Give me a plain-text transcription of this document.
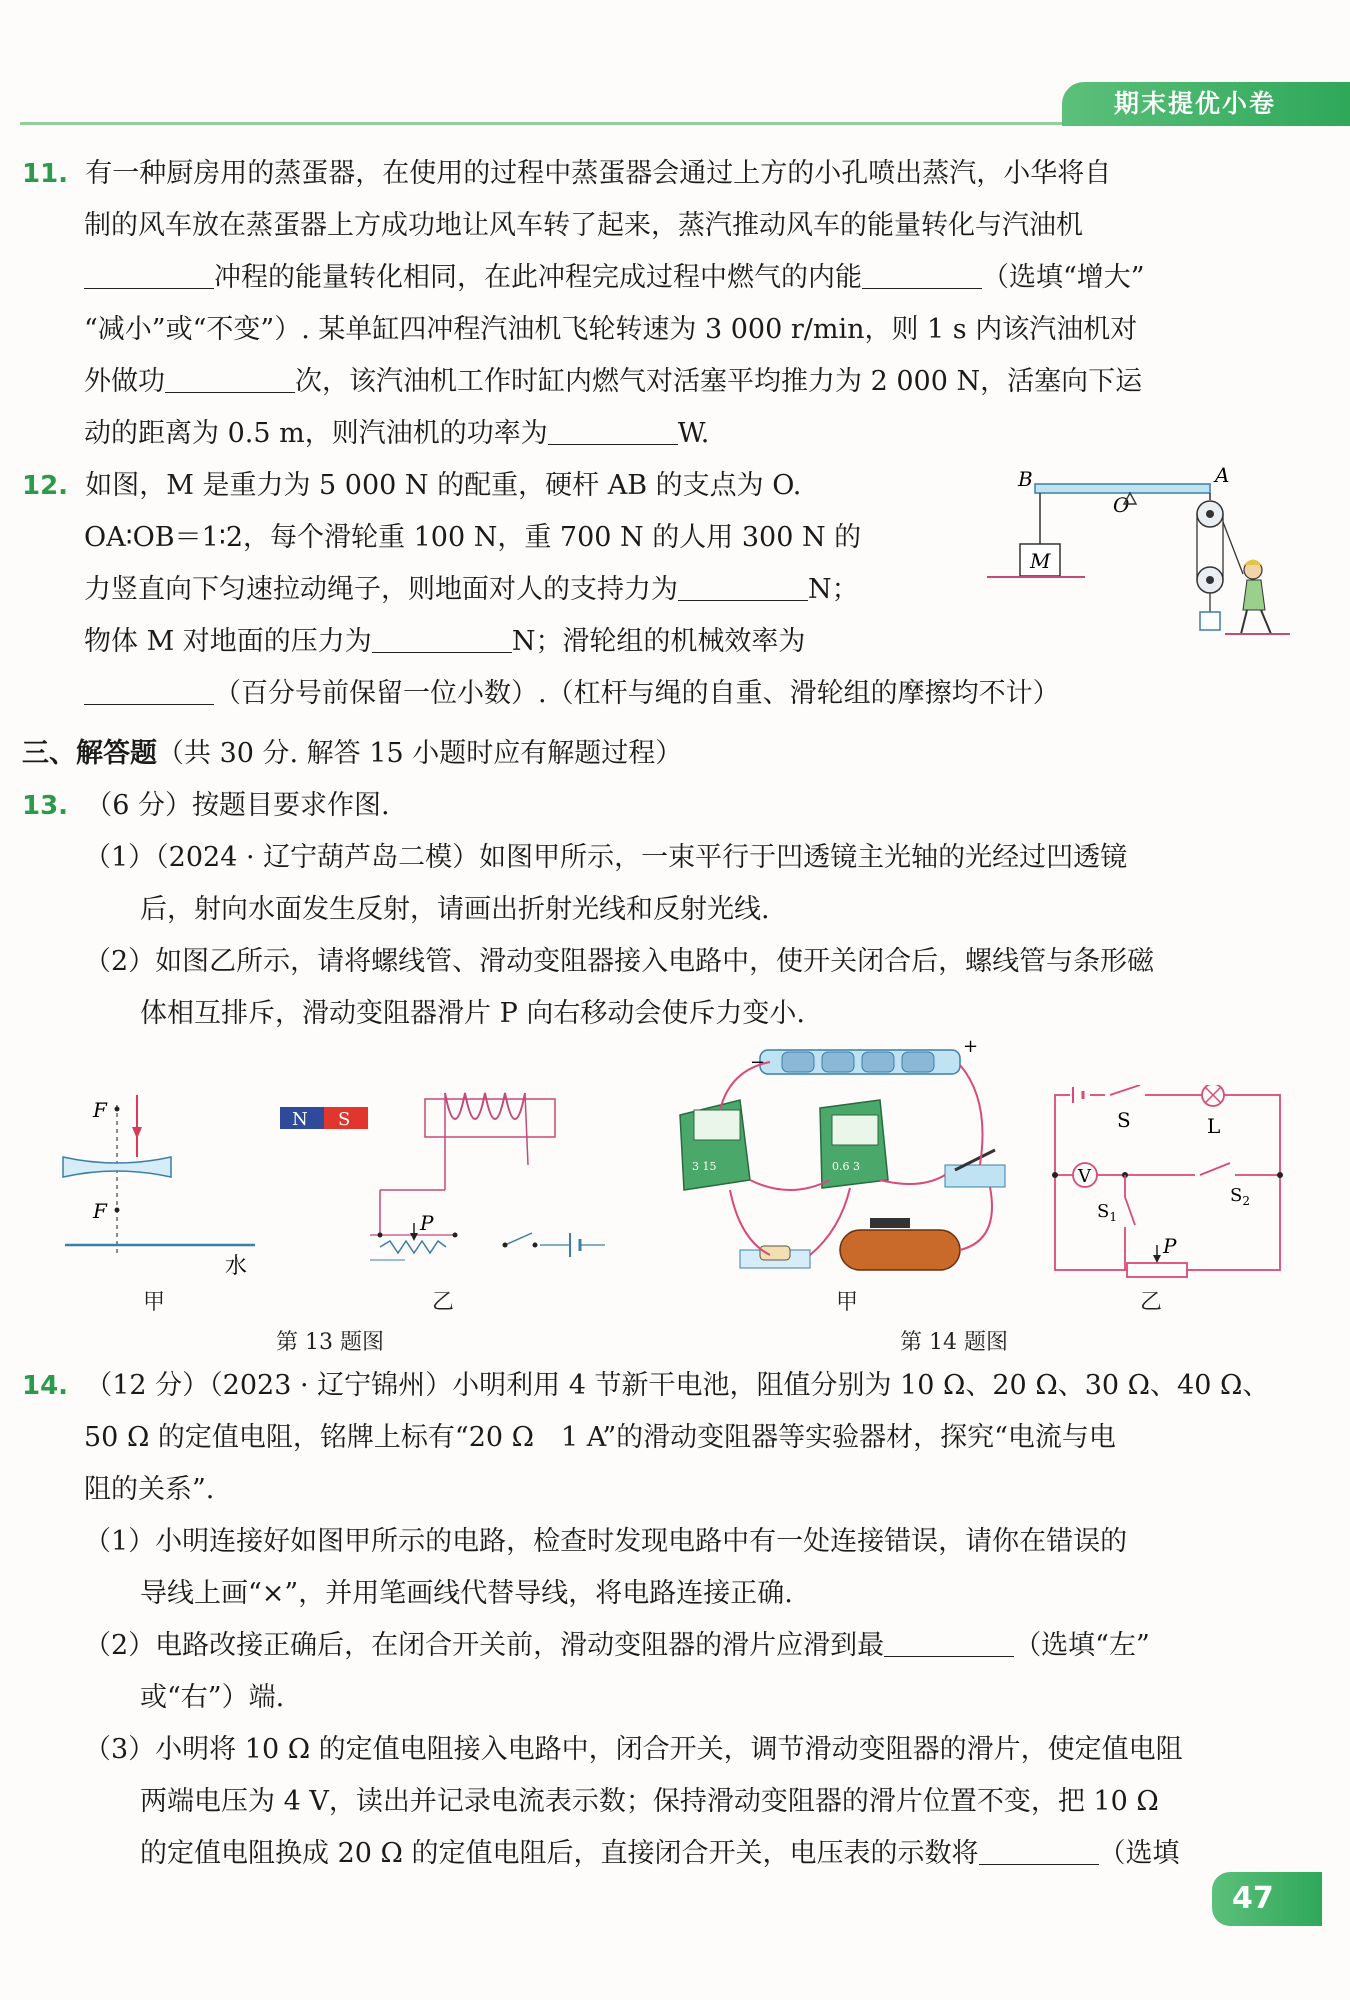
期末提优小卷
11. 有一种厨房用的蒸蛋器，在使用的过程中蒸蛋器会通过上方的小孔喷出蒸汽，小华将自
制的风车放在蒸蛋器上方成功地让风车转了起来，蒸汽推动风车的能量转化与汽油机
冲程的能量转化相同，在此冲程完成过程中燃气的内能	（选填“增大”
“减小”或“不变”）. 某单缸四冲程汽油机飞轮转速为 3 000 r/min，则 1 s 内该汽油机对
外做功	次，该汽油机工作时缸内燃气对活塞平均推力为 2 000 N，活塞向下运
动的距离为 0.5 m，则汽油机的功率为	W.
12. 如图，M 是重力为 5 000 N 的配重，硬杆 AB 的支点为 O.
OA∶OB＝1∶2，每个滑轮重 100 N，重 700 N 的人用 300 N 的
力竖直向下匀速拉动绳子，则地面对人的支持力为	N；
物体 M 对地面的压力为	N；滑轮组的机械效率为
（百分号前保留一位小数）.（杠杆与绳的自重、滑轮组的摩擦均不计）
B	A
O
M
三、解答题（共 30 分. 解答 15 小题时应有解题过程）
13. （6 分）按题目要求作图.
（1）（2024 · 辽宁葫芦岛二模）如图甲所示，一束平行于凹透镜主光轴的光经过凹透镜
后，射向水面发生反射，请画出折射光线和反射光线.
（2）如图乙所示，请将螺线管、滑动变阻器接入电路中，使开关闭合后，螺线管与条形磁
体相互排斥，滑动变阻器滑片 P 向右移动会使斥力变小.
F
F
水
N S
P
甲	乙
第 13 题图
−
+
3 15	0.6 3
S	L
V
$S_2$
$S_1$
P
甲	乙
第 14 题图
14. （12 分）（2023 · 辽宁锦州）小明利用 4 节新干电池，阻值分别为 10 Ω、20 Ω、30 Ω、40 Ω、
50 Ω 的定值电阻，铭牌上标有“20 Ω　1 A”的滑动变阻器等实验器材，探究“电流与电
阻的关系”.
（1）小明连接好如图甲所示的电路，检查时发现电路中有一处连接错误，请你在错误的
导线上画“×”，并用笔画线代替导线，将电路连接正确.
（2）电路改接正确后，在闭合开关前，滑动变阻器的滑片应滑到最	（选填“左”
或“右”）端.
（3）小明将 10 Ω 的定值电阻接入电路中，闭合开关，调节滑动变阻器的滑片，使定值电阻
两端电压为 4 V，读出并记录电流表示数；保持滑动变阻器的滑片位置不变，把 10 Ω
的定值电阻换成 20 Ω 的定值电阻后，直接闭合开关，电压表的示数将	（选填
47
